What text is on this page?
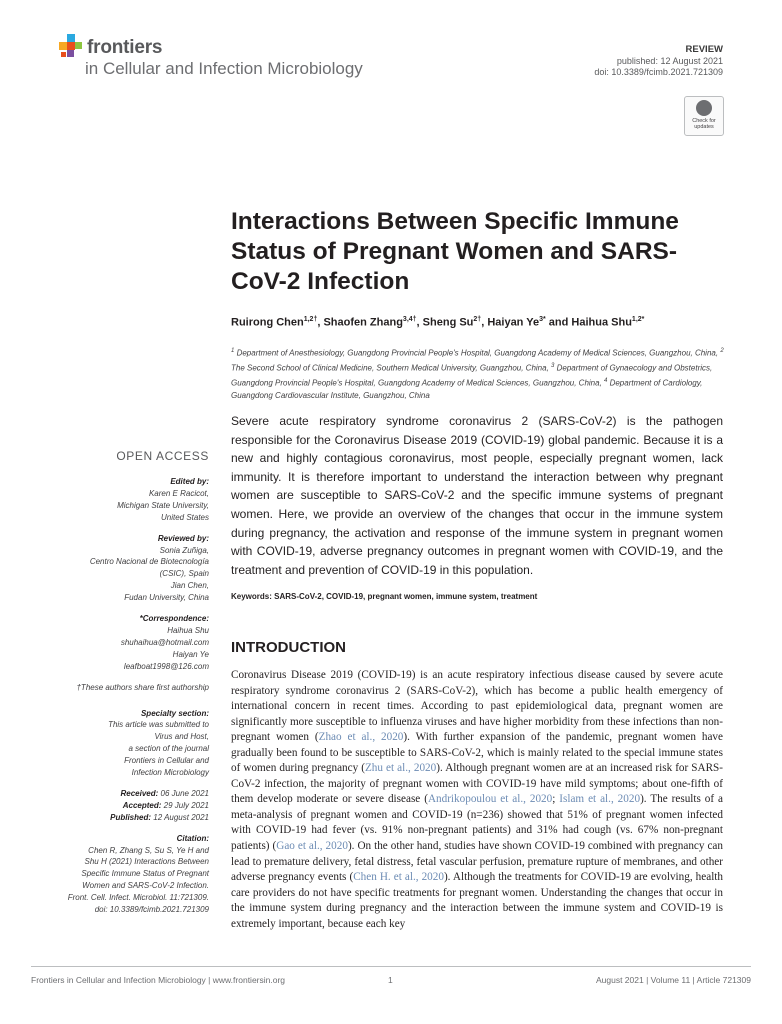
frontiers
in Cellular and Infection Microbiology
REVIEW
published: 12 August 2021
doi: 10.3389/fcimb.2021.721309
Check for updates
Interactions Between Specific Immune Status of Pregnant Women and SARS-CoV-2 Infection
Ruirong Chen$^{1,2\dagger}$, Shaofen Zhang$^{3,4\dagger}$, Sheng $Su^{2\dagger}$, Haiyan $Ye^{3*}$ and Haihua Shu$^{1,2*}$
$^1$ Department of Anesthesiology, Guangdong Provincial People's Hospital, Guangdong Academy of Medical Sciences, Guangzhou, China, $^2$ The Second School of Clinical Medicine, Southern Medical University, Guangzhou, China, $^3$ Department of Gynaecology and Obstetrics, Guangdong Provincial People's Hospital, Guangdong Academy of Medical Sciences, Guangzhou, China, $^4$ Department of Cardiology, Guangdong Cardiovascular Institute, Guangzhou, China
Severe acute respiratory syndrome coronavirus 2 (SARS-CoV-2) is the pathogen responsible for the Coronavirus Disease 2019 (COVID-19) global pandemic. Because it is a new and highly contagious coronavirus, most people, especially pregnant women, lack immunity. It is therefore important to understand the interaction between why pregnant women are susceptible to SARS-CoV-2 and the specific immune systems of pregnant women. Here, we provide an overview of the changes that occur in the immune system during pregnancy, the activation and response of the immune system in pregnant women with COVID-19, adverse pregnancy outcomes in pregnant women with COVID-19, and the treatment and prevention of COVID-19 in this population.
Keywords: SARS-CoV-2, COVID-19, pregnant women, immune system, treatment
OPEN ACCESS
Edited by:
Karen E Racicot,
Michigan State University,
United States
Reviewed by:
Sonia Zuñiga,
Centro Nacional de Biotecnología
(CSIC), Spain
Jian Chen,
Fudan University, China
*Correspondence:
Haihua Shu
shuhaihua@hotmail.com
Haiyan Ye
leafboat1998@126.com
†These authors share first authorship
Specialty section:
This article was submitted to
Virus and Host,
a section of the journal
Frontiers in Cellular and
Infection Microbiology
Received: 06 June 2021
Accepted: 29 July 2021
Published: 12 August 2021
Citation:
Chen R, Zhang S, Su S, Ye H and
Shu H (2021) Interactions Between
Specific Immune Status of Pregnant
Women and SARS-CoV-2 Infection.
Front. Cell. Infect. Microbiol. 11:721309.
doi: 10.3389/fcimb.2021.721309
INTRODUCTION
Coronavirus Disease 2019 (COVID-19) is an acute respiratory infectious disease caused by severe acute respiratory syndrome coronavirus 2 (SARS-CoV-2), which has become a public health emergency of international concern in recent times. According to past epidemiological data, pregnant women are significantly more susceptible to influenza viruses and have higher morbidity from these infections than non-pregnant women (Zhao et al., 2020). With further expansion of the pandemic, pregnant women have gradually been found to be susceptible to SARS-CoV-2, which is mainly related to the special immune states of women during pregnancy (Zhu et al., 2020). Although pregnant women are at an increased risk for SARS-CoV-2 infection, the majority of pregnant women with COVID-19 have mild symptoms; about one-fifth of them develop moderate or severe disease (Andrikopoulou et al., 2020; Islam et al., 2020). The results of a meta-analysis of pregnant women and COVID-19 (n=236) showed that 51% of pregnant women infected with COVID-19 had fever (vs. 91% non-pregnant patients) and 31% had cough (vs. 67% non-pregnant patients) (Gao et al., 2020). On the other hand, studies have shown COVID-19 combined with pregnancy can lead to premature delivery, fetal distress, fetal vascular perfusion, premature rupture of membranes, and other adverse pregnancy events (Chen H. et al., 2020). Although the treatments for COVID-19 are evolving, health care providers do not have specific treatments for pregnant women. Understanding the changes that occur in the immune system during pregnancy and the interaction between the immune system and COVID-19 is extremely important, because each key
Frontiers in Cellular and Infection Microbiology | www.frontiersin.org	1	August 2021 | Volume 11 | Article 721309
